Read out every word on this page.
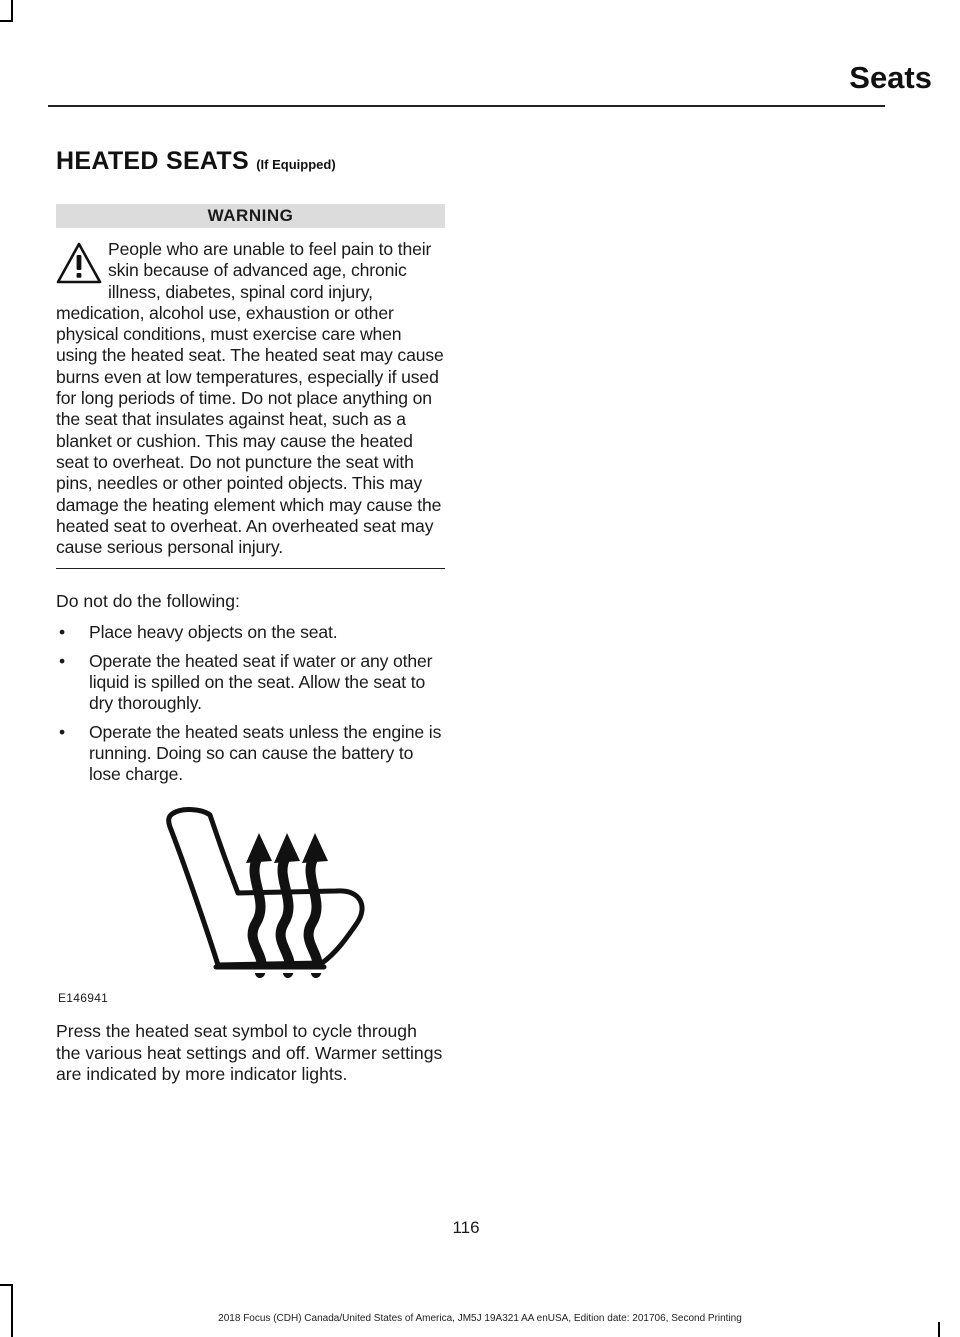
Seats
HEATED SEATS (If Equipped)
WARNING
People who are unable to feel pain to their skin because of advanced age, chronic illness, diabetes, spinal cord injury, medication, alcohol use, exhaustion or other physical conditions, must exercise care when using the heated seat. The heated seat may cause burns even at low temperatures, especially if used for long periods of time. Do not place anything on the seat that insulates against heat, such as a blanket or cushion. This may cause the heated seat to overheat. Do not puncture the seat with pins, needles or other pointed objects. This may damage the heating element which may cause the heated seat to overheat. An overheated seat may cause serious personal injury.

Do not do the following:

• Place heavy objects on the seat.
• Operate the heated seat if water or any other liquid is spilled on the seat. Allow the seat to dry thoroughly.
• Operate the heated seats unless the engine is running. Doing so can cause the battery to lose charge.
E146941

Press the heated seat symbol to cycle through the various heat settings and off. Warmer settings are indicated by more indicator lights.

116
2018 Focus (CDH) Canada/United States of America, JM5J 19A321 AA enUSA, Edition date: 201706, Second Printing
